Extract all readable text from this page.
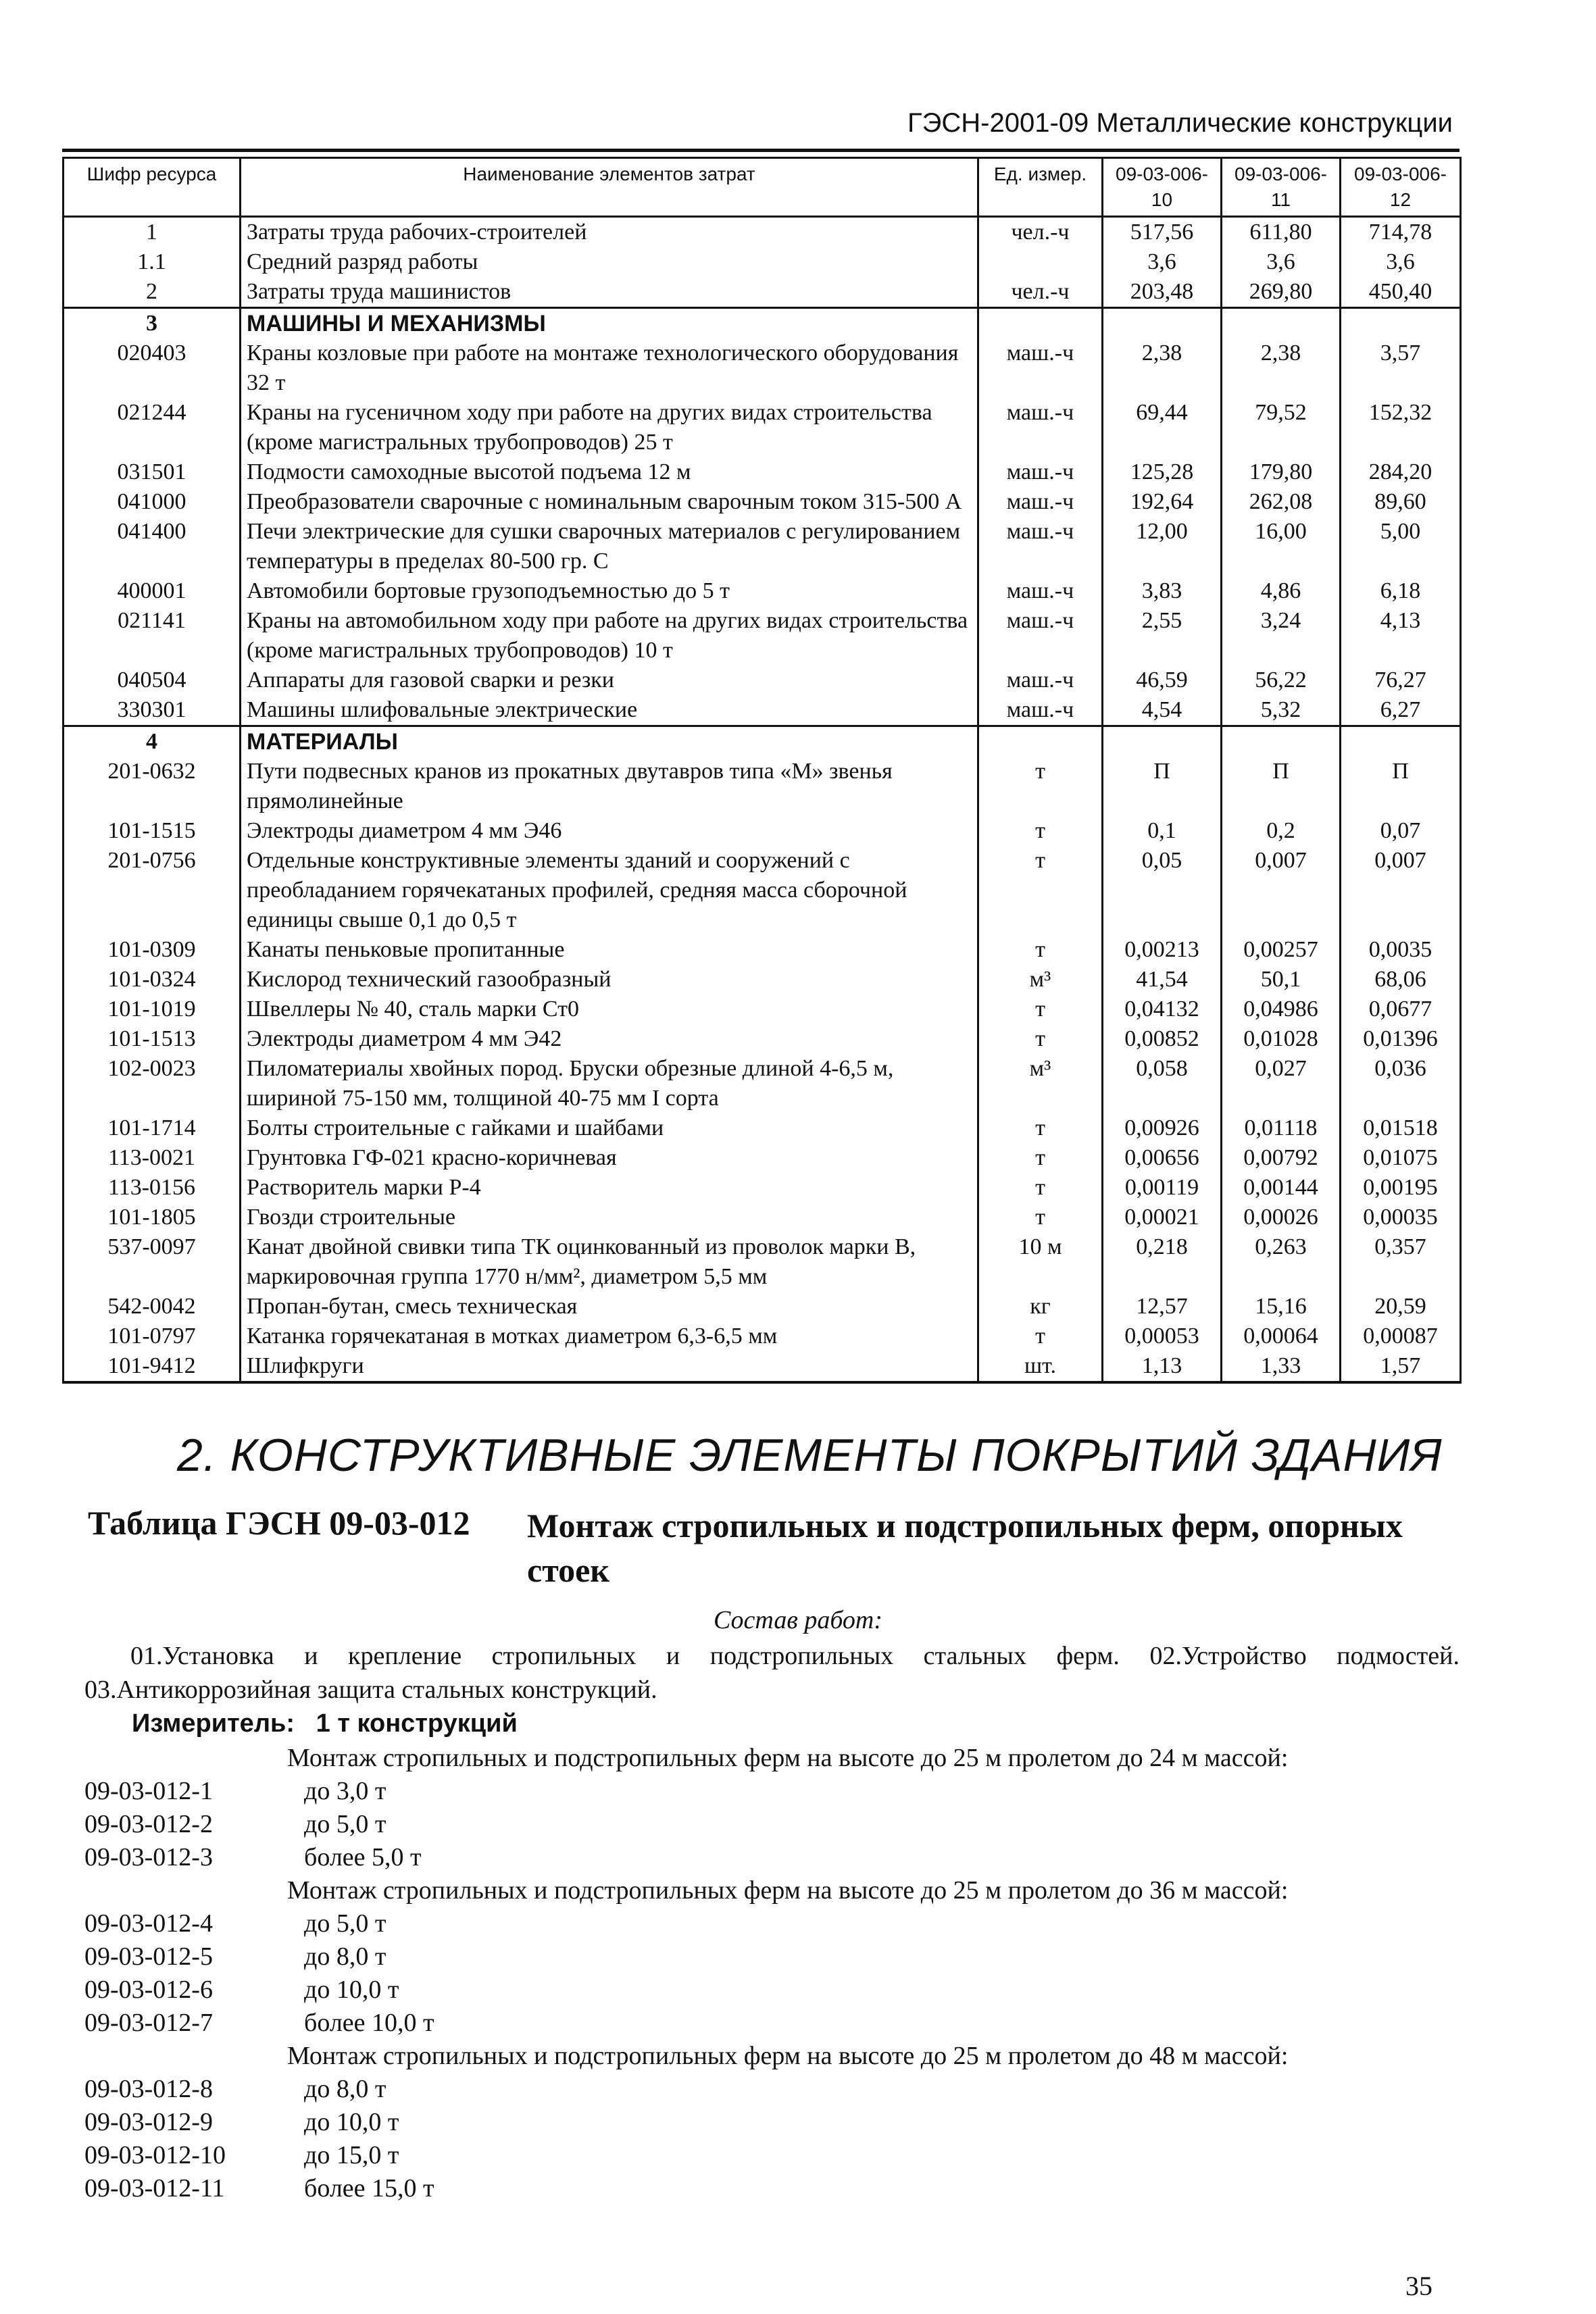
ГЭСН-2001-09 Металлические конструкции
Шифр ресурса	Наименование элементов затрат	Ед. измер.	09-03-006-10	09-03-006-11	09-03-006-12
1	Затраты труда рабочих-строителей	чел.-ч	517,56	611,80	714,78
1.1	Средний разряд работы		3,6	3,6	3,6
2	Затраты труда машинистов	чел.-ч	203,48	269,80	450,40
3	МАШИНЫ И МЕХАНИЗМЫ				
020403	Краны козловые при работе на монтаже технологического оборудования 32 т	маш.-ч	2,38	2,38	3,57
021244	Краны на гусеничном ходу при работе на других видах строительства (кроме магистральных трубопроводов) 25 т	маш.-ч	69,44	79,52	152,32
031501	Подмости самоходные высотой подъема 12 м	маш.-ч	125,28	179,80	284,20
041000	Преобразователи сварочные с номинальным сварочным током 315-500 А	маш.-ч	192,64	262,08	89,60
041400	Печи электрические для сушки сварочных материалов с регулированием температуры в пределах 80-500 гр. С	маш.-ч	12,00	16,00	5,00
400001	Автомобили бортовые грузоподъемностью до 5 т	маш.-ч	3,83	4,86	6,18
021141	Краны на автомобильном ходу при работе на других видах строительства (кроме магистральных трубопроводов) 10 т	маш.-ч	2,55	3,24	4,13
040504	Аппараты для газовой сварки и резки	маш.-ч	46,59	56,22	76,27
330301	Машины шлифовальные электрические	маш.-ч	4,54	5,32	6,27
4	МАТЕРИАЛЫ				
201-0632	Пути подвесных кранов из прокатных двутавров типа «М» звенья прямолинейные	т	П	П	П
101-1515	Электроды диаметром 4 мм Э46	т	0,1	0,2	0,07
201-0756	Отдельные конструктивные элементы зданий и сооружений с преобладанием горячекатаных профилей, средняя масса сборочной единицы свыше 0,1 до 0,5 т	т	0,05	0,007	0,007
101-0309	Канаты пеньковые пропитанные	т	0,00213	0,00257	0,0035
101-0324	Кислород технический газообразный	м³	41,54	50,1	68,06
101-1019	Швеллеры № 40, сталь марки Ст0	т	0,04132	0,04986	0,0677
101-1513	Электроды диаметром 4 мм Э42	т	0,00852	0,01028	0,01396
102-0023	Пиломатериалы хвойных пород. Бруски обрезные длиной 4-6,5 м, шириной 75-150 мм, толщиной 40-75 мм I сорта	м³	0,058	0,027	0,036
101-1714	Болты строительные с гайками и шайбами	т	0,00926	0,01118	0,01518
113-0021	Грунтовка ГФ-021 красно-коричневая	т	0,00656	0,00792	0,01075
113-0156	Растворитель марки Р-4	т	0,00119	0,00144	0,00195
101-1805	Гвозди строительные	т	0,00021	0,00026	0,00035
537-0097	Канат двойной свивки типа ТК оцинкованный из проволок марки В, маркировочная группа 1770 н/мм², диаметром 5,5 мм	10 м	0,218	0,263	0,357
542-0042	Пропан-бутан, смесь техническая	кг	12,57	15,16	20,59
101-0797	Катанка горячекатаная в мотках диаметром 6,3-6,5 мм	т	0,00053	0,00064	0,00087
101-9412	Шлифкруги	шт.	1,13	1,33	1,57
2. КОНСТРУКТИВНЫЕ ЭЛЕМЕНТЫ ПОКРЫТИЙ ЗДАНИЯ
Таблица ГЭСН 09-03-012 Монтаж стропильных и подстропильных ферм, опорных стоек
Состав работ:

01.Установка и крепление стропильных и подстропильных стальных ферм. 02.Устройство подмостей.

03.Антикоррозийная защита стальных конструкций.

Измеритель:   1 т конструкций
Монтаж стропильных и подстропильных ферм на высоте до 25 м пролетом до 24 м массой:
09-03-012-1	до 3,0 т
09-03-012-2	до 5,0 т
09-03-012-3	более 5,0 т
Монтаж стропильных и подстропильных ферм на высоте до 25 м пролетом до 36 м массой:
09-03-012-4	до 5,0 т
09-03-012-5	до 8,0 т
09-03-012-6	до 10,0 т
09-03-012-7	более 10,0 т
Монтаж стропильных и подстропильных ферм на высоте до 25 м пролетом до 48 м массой:
09-03-012-8	до 8,0 т
09-03-012-9	до 10,0 т
09-03-012-10	до 15,0 т
09-03-012-11	более 15,0 т
35
